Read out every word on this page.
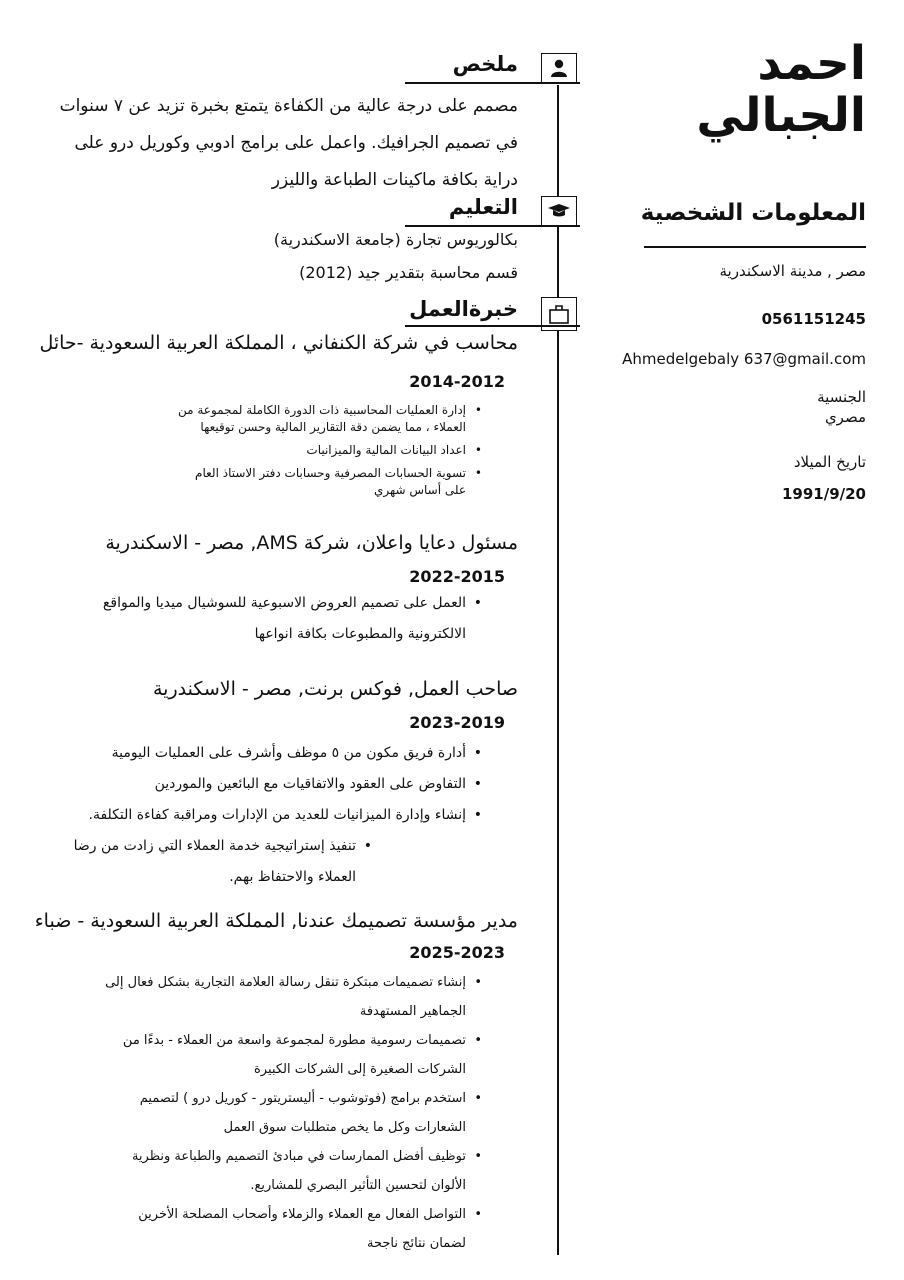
احمد
الجبالي
المعلومات الشخصية
مصر , مدينة الاسكندرية
0561151245
Ahmedelgebaly 637@gmail.com
الجنسية
مصري
تاريخ الميلاد
1991/9/20
ملخص
مصمم على درجة عالية من الكفاءة يتمتع بخبرة تزيد عن ٧ سنوات في تصميم الجرافيك. واعمل على برامج ادوبي وكوريل درو على دراية بكافة ماكينات الطباعة والليزر
التعليم
بكالوريوس تجارة (جامعة الاسكندرية)
قسم محاسبة بتقدير جيد (2012)
خبرةالعمل
محاسب في شركة الكنفاني ، المملكة العربية السعودية -حائل
2014-2012
• إدارة العمليات المحاسبية ذات الدورة الكاملة لمجموعة من العملاء ، مما يضمن دقة التقارير المالية وحسن توقيعها
• اعداد البيانات المالية والميزانيات
• تسوية الحسابات المصرفية وحسابات دفتر الاستاذ العام على أساس شهري
مسئول دعايا واعلان، شركة AMS, مصر - الاسكندرية
2022-2015
• العمل على تصميم العروض الاسبوعية للسوشيال ميديا والمواقع الالكترونية والمطبوعات بكافة انواعها
صاحب العمل, فوكس برنت, مصر - الاسكندرية
2023-2019
• أدارة فريق مكون من ٥ موظف وأشرف على العمليات اليومية
• التفاوض على العقود والاتفاقيات مع البائعين والموردين
• إنشاء وإدارة الميزانيات للعديد من الإدارات ومراقبة كفاءة التكلفة.
• تنفيذ إستراتيجية خدمة العملاء التي زادت من رضا العملاء والاحتفاظ بهم.
مدير مؤسسة تصميمك عندنا, المملكة العربية السعودية - ضباء
2025-2023
• إنشاء تصميمات مبتكرة تنقل رسالة العلامة التجارية بشكل فعال إلى الجماهير المستهدفة
• تصميمات رسومية مطورة لمجموعة واسعة من العملاء - بدءًا من الشركات الصغيرة إلى الشركات الكبيرة
• استخدم برامج (فوتوشوب - أليستريتور - كوريل درو ) لتصميم الشعارات وكل ما يخص متطلبات سوق العمل
• توظيف أفضل الممارسات في مبادئ التصميم والطباعة ونظرية الألوان لتحسين التأثير البصري للمشاريع.
• التواصل الفعال مع العملاء والزملاء وأصحاب المصلحة الأخرين لضمان نتائج ناجحة
